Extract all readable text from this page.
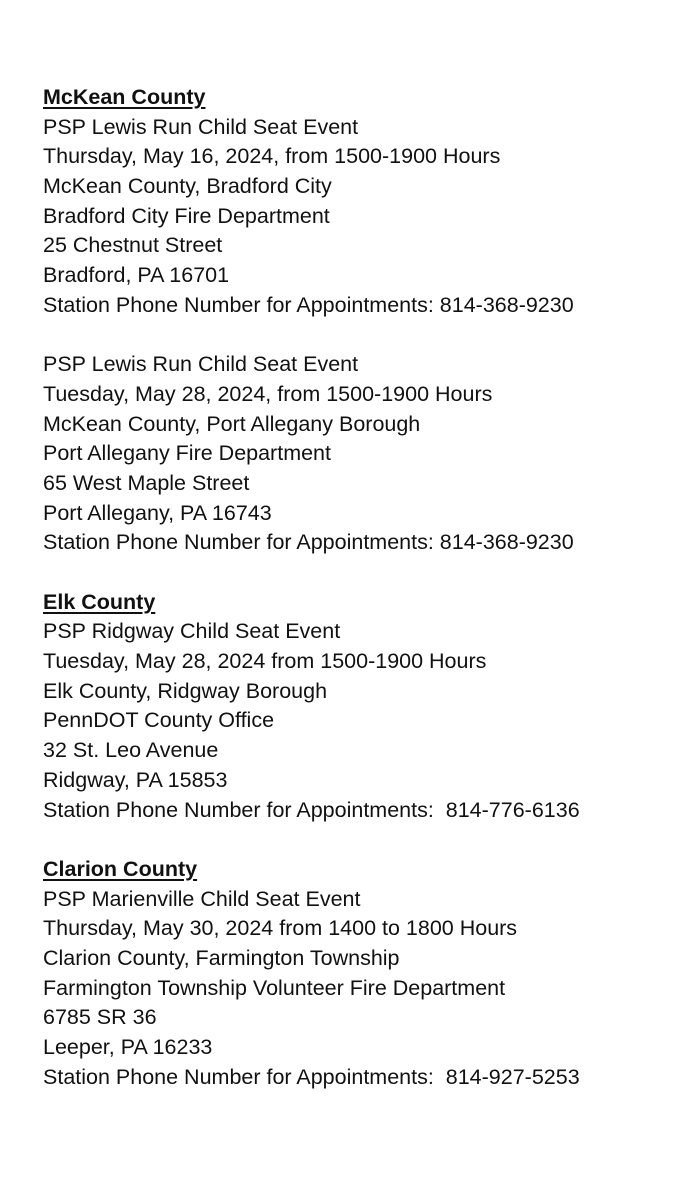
McKean County
PSP Lewis Run Child Seat Event
Thursday, May 16, 2024, from 1500-1900 Hours
McKean County, Bradford City
Bradford City Fire Department
25 Chestnut Street
Bradford, PA 16701
Station Phone Number for Appointments: 814-368-9230
PSP Lewis Run Child Seat Event
Tuesday, May 28, 2024, from 1500-1900 Hours
McKean County, Port Allegany Borough
Port Allegany Fire Department
65 West Maple Street
Port Allegany, PA 16743
Station Phone Number for Appointments: 814-368-9230
Elk County
PSP Ridgway Child Seat Event
Tuesday, May 28, 2024 from 1500-1900 Hours
Elk County, Ridgway Borough
PennDOT County Office
32 St. Leo Avenue
Ridgway, PA 15853
Station Phone Number for Appointments:  814-776-6136
Clarion County
PSP Marienville Child Seat Event
Thursday, May 30, 2024 from 1400 to 1800 Hours
Clarion County, Farmington Township
Farmington Township Volunteer Fire Department
6785 SR 36
Leeper, PA 16233
Station Phone Number for Appointments:  814-927-5253
